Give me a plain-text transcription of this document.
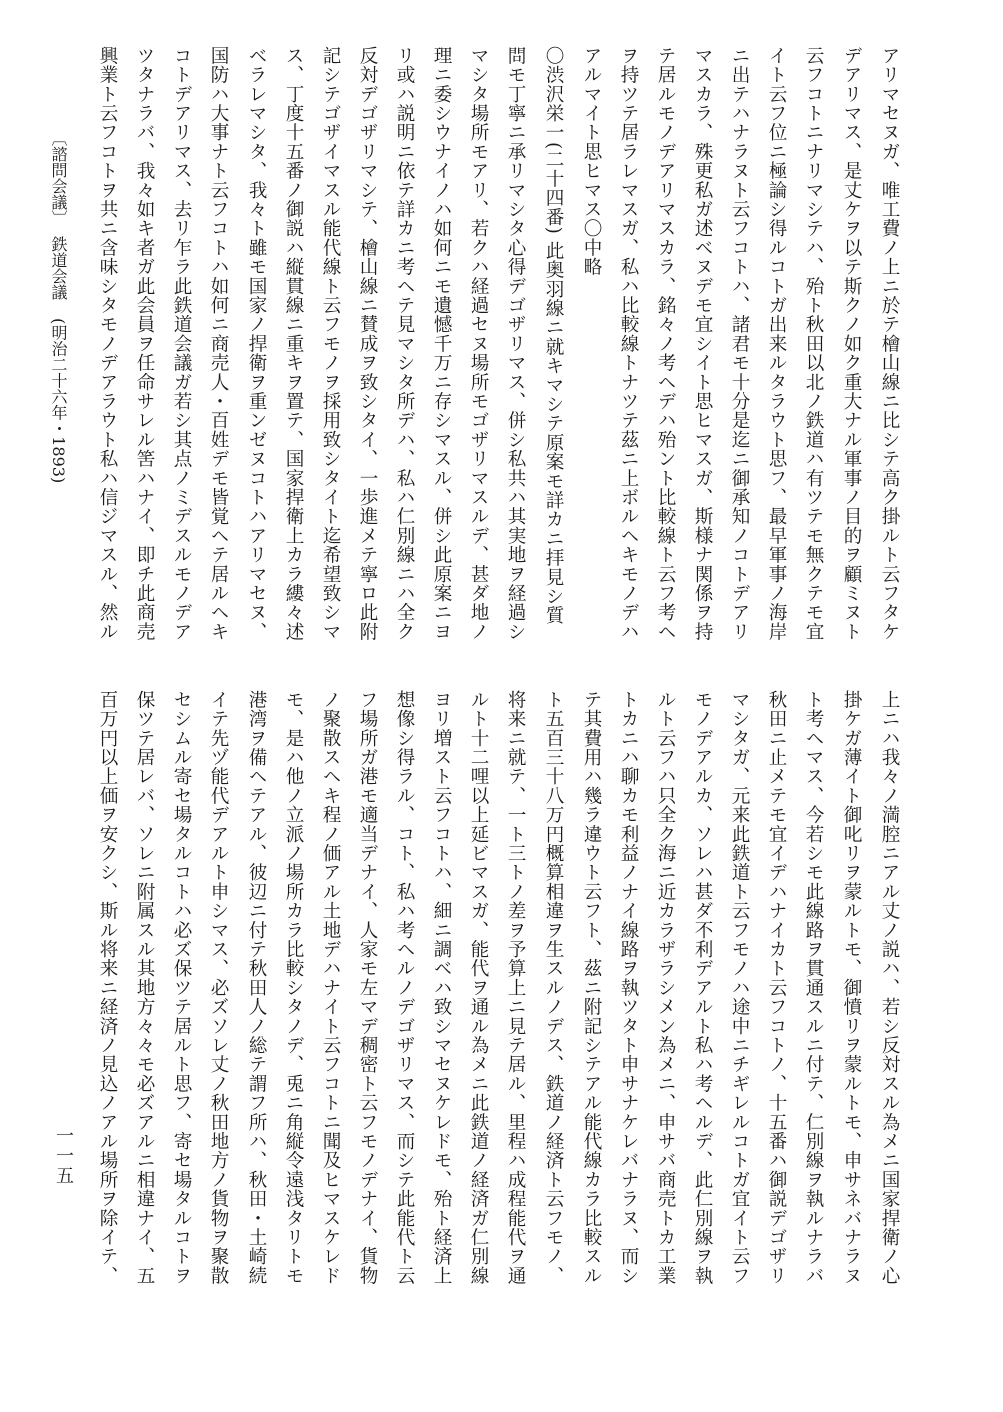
アリマセヌガ、唯工費ノ上ニ於テ檜山線ニ比シテ高ク掛ルト云フタケ
デアリマス、是丈ケヲ以テ斯クノ如ク重大ナル軍事ノ目的ヲ顧ミヌト
云フコトニナリマシテハ、殆ト秋田以北ノ鉄道ハ有ツテモ無クテモ宜
イト云フ位ニ極論シ得ルコトガ出来ルタラウト思フ、最早軍事ノ海岸
ニ出テハナラヌト云フコトハ、諸君モ十分是迄ニ御承知ノコトデアリ
マスカラ、殊更私ガ述ベヌデモ宜シイト思ヒマスガ、斯様ナ関係ヲ持
テ居ルモノデアリマスカラ、銘々ノ考ヘデハ殆ント比較線ト云フ考ヘ
ヲ持ツテ居ラレマスガ、私ハ比較線トナツテ茲ニ上ボルヘキモノデハ
アルマイト思ヒマス〇中略
〇渋沢栄一(二十四番) 此奥羽線ニ就キマシテ原案モ詳カニ拝見シ質
問モ丁寧ニ承リマシタ心得デゴザリマス、併シ私共ハ其実地ヲ経過シ
マシタ場所モアリ、若クハ経過セヌ場所モゴザリマスルデ、甚ダ地ノ
理ニ委シウナイノハ如何ニモ遺憾千万ニ存シマスル、併シ此原案ニヨ
リ或ハ説明ニ依テ詳カニ考ヘテ見マシタ所デハ、私ハ仁別線ニハ全ク
反対デゴザリマシテ、檜山線ニ賛成ヲ致シタイ、一歩進メテ寧ロ此附
記シテゴザイマスル能代線ト云フモノヲ採用致シタイト迄希望致シマ
ス、丁度十五番ノ御説ハ縦貫線ニ重キヲ置テ、国家捍衛上カラ縷々述
ベラレマシタ、我々ト雖モ国家ノ捍衛ヲ重ンゼヌコトハアリマセヌ、
国防ハ大事ナト云フコトハ如何ニ商売人・百姓デモ皆覚ヘテ居ルヘキ
コトデアリマス、去リ乍ラ此鉄道会議ガ若シ其点ノミデスルモノデア
ツタナラバ、我々如キ者ガ此会員ヲ任命サレル筈ハナイ、即チ此商売
興業ト云フコトヲ共ニ含味シタモノデアラウト私ハ信ジマスル、然ル
上ニハ我々ノ満腔ニアル丈ノ説ハ、若シ反対スル為メニ国家捍衛ノ心
掛ケガ薄イト御叱リヲ蒙ルトモ、御憤リヲ蒙ルトモ、申サネバナラヌ
ト考ヘマス、今若シモ此線路ヲ貫通スルニ付テ、仁別線ヲ執ルナラバ
秋田ニ止メテモ宜イデハナイカト云フコトノ、十五番ハ御説デゴザリ
マシタガ、元来此鉄道ト云フモノハ途中ニチギレルコトガ宜イト云フ
モノデアルカ、ソレハ甚ダ不利デアルト私ハ考ヘルデ、此仁別線ヲ執
ルト云フハ只全ク海ニ近カラザラシメン為メニ、申サバ商売トカ工業
トカニハ聊カモ利益ノナイ線路ヲ執ツタト申サナケレバナラヌ、而シ
テ其費用ハ幾ラ違ウト云フト、茲ニ附記シテアル能代線カラ比較スル
ト五百三十八万円概算相違ヲ生スルノデス、鉄道ノ経済ト云フモノ、
将来ニ就テ、一ト三トノ差ヲ予算上ニ見テ居ル、里程ハ成程能代ヲ通
ルト十二哩以上延ビマスガ、能代ヲ通ル為メニ此鉄道ノ経済ガ仁別線
ヨリ増スト云フコトハ、細ニ調ベハ致シマセヌケレドモ、殆ト経済上
想像シ得ラル、コト、私ハ考ヘルノデゴザリマス、而シテ此能代ト云
フ場所ガ港モ適当デナイ、人家モ左マデ稠密ト云フモノデナイ、貨物
ノ聚散スヘキ程ノ価アル土地デハナイト云フコトニ聞及ヒマスケレド
モ、是ハ他ノ立派ノ場所カラ比較シタノデ、兎ニ角縦令遠浅タリトモ
港湾ヲ備ヘテアル、彼辺ニ付テ秋田人ノ総テ謂フ所ハ、秋田・土崎続
イテ先ヅ能代デアルト申シマス、必ズソレ丈ノ秋田地方ノ貨物ヲ聚散
セシムル寄セ場タルコトハ必ズ保ツテ居ルト思フ、寄セ場タルコトヲ
保ツテ居レバ、ソレニ附属スル其地方々々モ必ズアルニ相違ナイ、五
百万円以上価ヲ安クシ、斯ル将来ニ経済ノ見込ノアル場所ヲ除イテ、
〔諮問会議〕
鉄道会議
(明治二十六年・1893)
一一五
